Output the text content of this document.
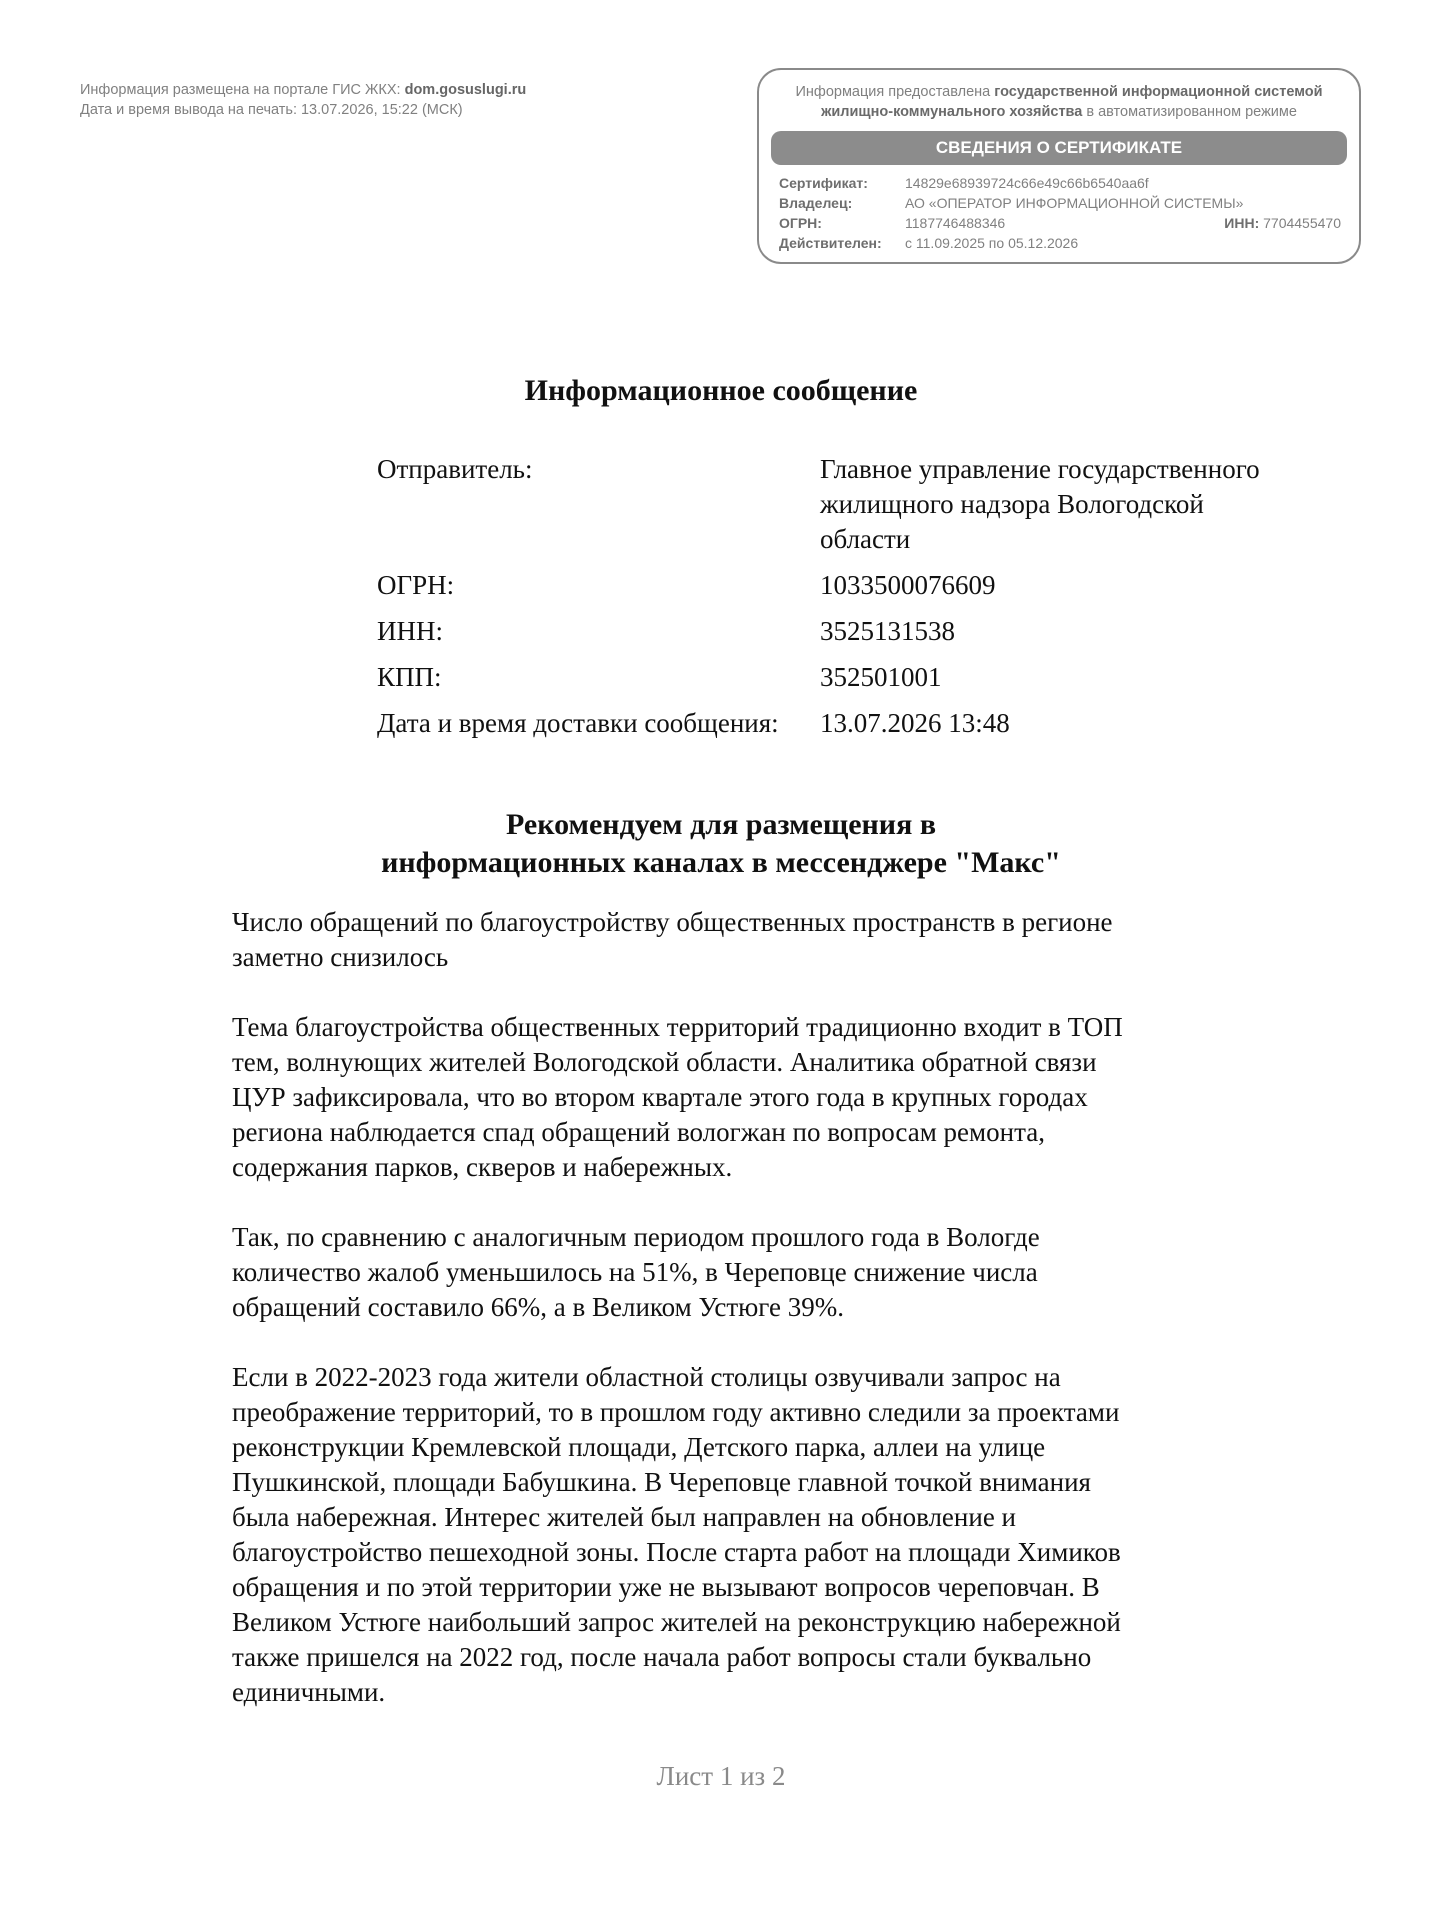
Информация размещена на портале ГИС ЖКХ: dom.gosuslugi.ru
Дата и время вывода на печать: 13.07.2026, 15:22 (МСК)
Информация предоставлена государственной информационной системой
жилищно-коммунального хозяйства в автоматизированном режиме
СВЕДЕНИЯ О СЕРТИФИКАТЕ
Сертификат:	14829e68939724c66e49c66b6540aa6f
Владелец:	АО «ОПЕРАТОР ИНФОРМАЦИОННОЙ СИСТЕМЫ»
ОГРН:	1187746488346	ИНН: 7704455470
Действителен:	с 11.09.2025 по 05.12.2026
Информационное сообщение
Отправитель:	Главное управление государственного жилищного надзора Вологодской области
ОГРН:	1033500076609
ИНН:	3525131538
КПП:	352501001
Дата и время доставки сообщения:	13.07.2026 13:48
Рекомендуем для размещения в
информационных каналах в мессенджере "Макс"

Число обращений по благоустройству общественных пространств в регионе
заметно снизилось

Тема благоустройства общественных территорий традиционно входит в ТОП
тем, волнующих жителей Вологодской области. Аналитика обратной связи
ЦУР зафиксировала, что во втором квартале этого года в крупных городах
региона наблюдается спад обращений вологжан по вопросам ремонта,
содержания парков, скверов и набережных.

Так, по сравнению с аналогичным периодом прошлого года в Вологде
количество жалоб уменьшилось на 51%, в Череповце снижение числа
обращений составило 66%, а в Великом Устюге 39%.

Если в 2022-2023 года жители областной столицы озвучивали запрос на
преображение территорий, то в прошлом году активно следили за проектами
реконструкции Кремлевской площади, Детского парка, аллеи на улице
Пушкинской, площади Бабушкина. В Череповце главной точкой внимания
была набережная. Интерес жителей был направлен на обновление и
благоустройство пешеходной зоны. После старта работ на площади Химиков
обращения и по этой территории уже не вызывают вопросов череповчан. В
Великом Устюге наибольший запрос жителей на реконструкцию набережной
также пришелся на 2022 год, после начала работ вопросы стали буквально
единичными.

Лист 1 из 2
